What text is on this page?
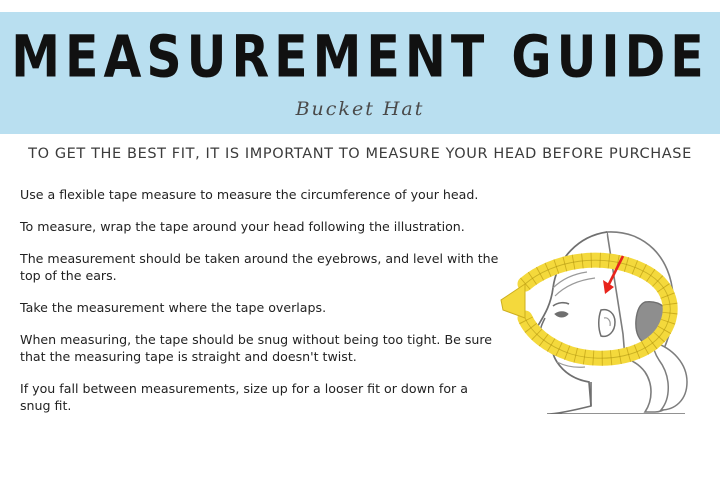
MEASUREMENT GUIDE
Bucket Hat
TO GET THE BEST FIT, IT IS IMPORTANT TO MEASURE YOUR HEAD BEFORE PURCHASE
Use a flexible tape measure to measure the circumference of your head.
To measure, wrap the tape around your head following the illustration.
The measurement should be taken around the eyebrows, and level with the top of the ears.
Take the measurement where the tape overlaps.
When measuring, the tape should be snug without being too tight. Be sure that the measuring tape is straight and doesn't twist.
If you fall between measurements, size up for a looser fit or down for a snug fit.
